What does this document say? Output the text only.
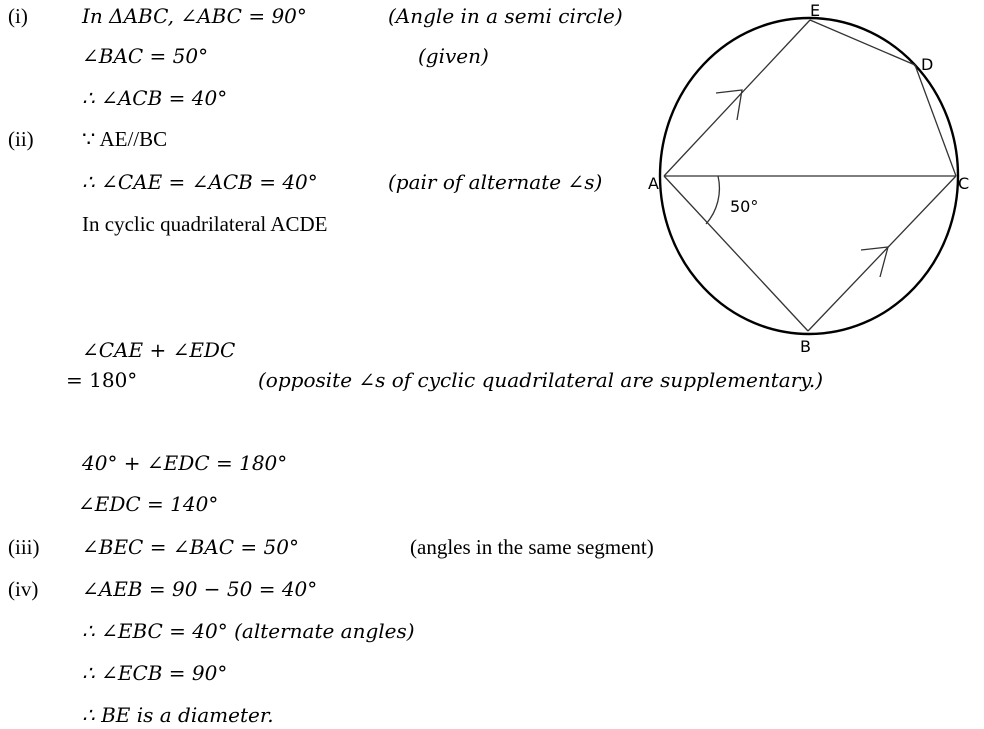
(i)	In ΔABC, ∠ABC = 90°	(Angle in a semi circle)
∠BAC = 50°	(given)
∴ ∠ACB = 40°
(ii) ∵ AE//BC
∴ ∠CAE = ∠ACB = 40°	(pair of alternate ∠s)
In cyclic quadrilateral ACDE
∠CAE + ∠EDC
= 180°	(opposite ∠s of cyclic quadrilateral are supplementary.)
40° + ∠EDC = 180°
∠EDC = 140°
(iii) ∠BEC = ∠BAC = 50°	(angles in the same segment)
(iv) ∠AEB = 90 − 50 = 40°
∴ ∠EBC = 40° (alternate angles)
∴ ∠ECB = 90°
∴ BE is a diameter.
E
D
A	C
B
50°
